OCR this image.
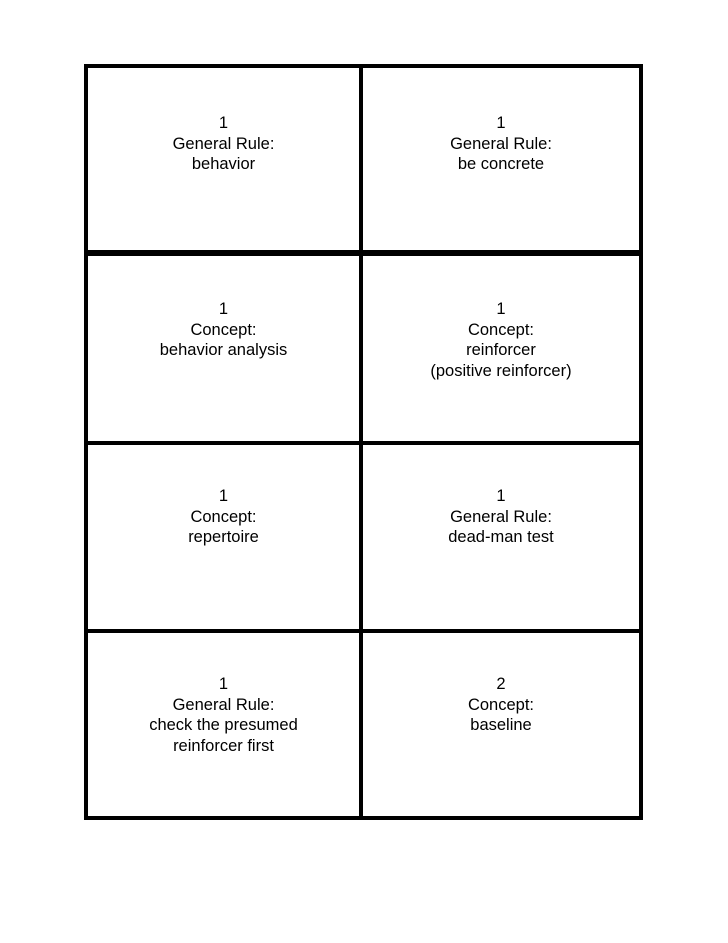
1
General Rule:
behavior
1
General Rule:
be concrete
1
Concept:
behavior analysis
1
Concept:
reinforcer
(positive reinforcer)
1
Concept:
repertoire
1
General Rule:
dead-man test
1
General Rule:
check the presumed
reinforcer first
2
Concept:
baseline
